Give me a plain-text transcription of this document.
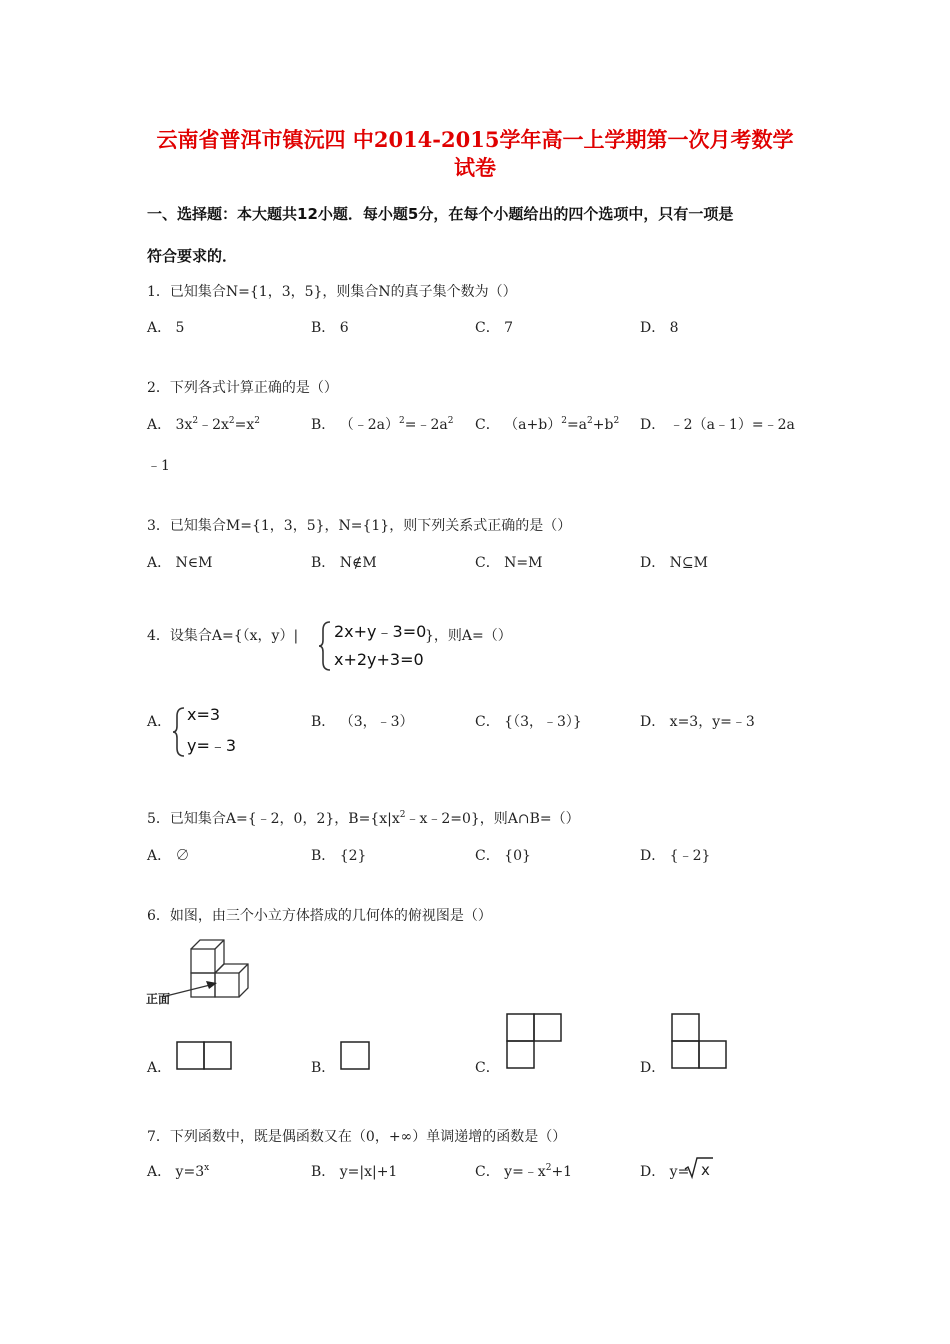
云南省普洱市镇沅四 中2014-2015学年高一上学期第一次月考数学
试卷
一、选择题：本大题共12小题．每小题5分，在每个小题给出的四个选项中，只有一项是
符合要求的．
1．已知集合N={1，3，5}，则集合N的真子集个数为（）
A． 5	B． 6	C． 7	D． 8
2．下列各式计算正确的是（）
A． $3x^2﹣2x^2=x^2$	B． $(﹣2a)^2=﹣2a^2$ C． $(a+b)^2=a^2+b^2$ D． ﹣2（a﹣1）=﹣2a
﹣1
3．已知集合M={1，3，5}，N={1}，则下列关系式正确的是（）
A． N∈M	B． N∉M	C． N=M	D． N⊆M
4．设集合A={（x，y）| 2x+y﹣3=0
x+2y+3=0
}，则A=（）
A． x=3
y=﹣3
B． （3，﹣3）	C． {（3，﹣3）}	D． x=3，y=﹣3
5．已知集合A={﹣2，0，2}，$B=\{x|x^2﹣x﹣2=0\}$，则A∩B=（）
A． ∅	B． {2}	C． {0}	D． {﹣2}
6．如图，由三个小立方体搭成的几何体的俯视图是（）
正面
A．	B．	C．	D．
7．下列函数中，既是偶函数又在（0，+∞）单调递增的函数是（）
A． $y=3^x$	B． y=|x|+1	C． $y=﹣x^2+1$	D． y= x
